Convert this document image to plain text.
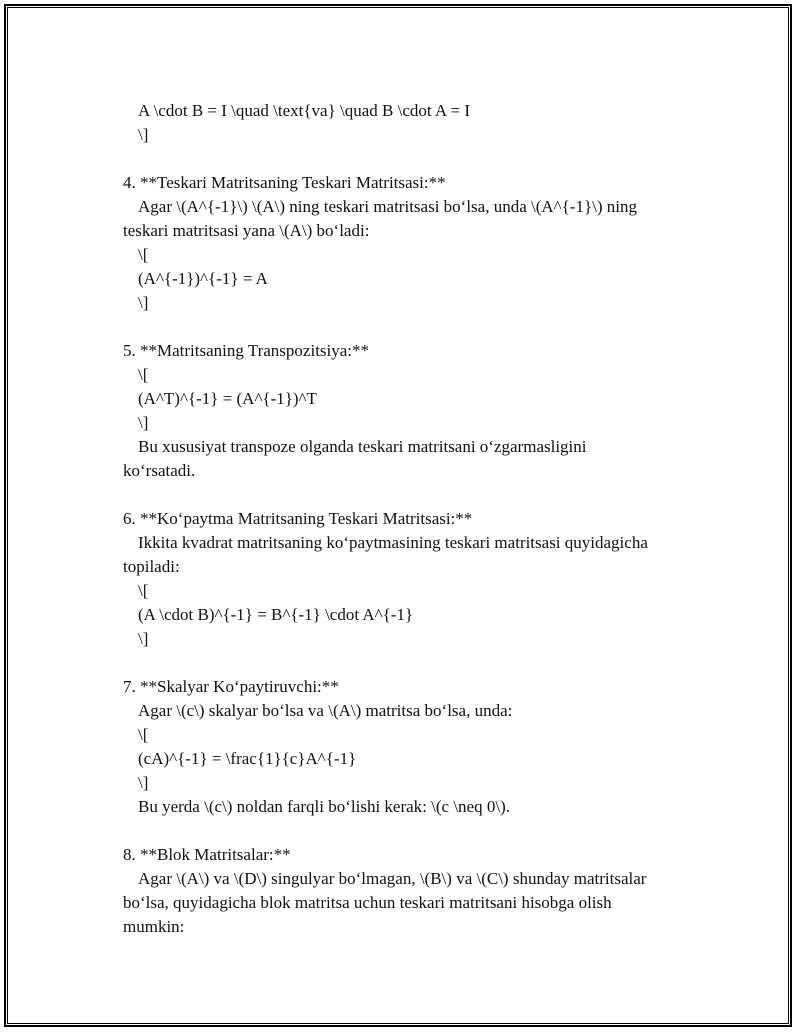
A \cdot B = I \quad \text{va} \quad B \cdot A = I
\]
4. **Teskari Matritsaning Teskari Matritsasi:**
Agar \(A^{-1}\) \(A\) ning teskari matritsasi bo‘lsa, unda \(A^{-1}\) ning
teskari matritsasi yana \(A\) bo‘ladi:
\[
(A^{-1})^{-1} = A
\]
5. **Matritsaning Transpozitsiya:**
\[
(A^T)^{-1} = (A^{-1})^T
\]
Bu xususiyat transpoze olganda teskari matritsani o‘zgarmasligini
ko‘rsatadi.
6. **Ko‘paytma Matritsaning Teskari Matritsasi:**
Ikkita kvadrat matritsaning ko‘paytmasining teskari matritsasi quyidagicha
topiladi:
\[
(A \cdot B)^{-1} = B^{-1} \cdot A^{-1}
\]
7. **Skalyar Ko‘paytiruvchi:**
Agar \(c\) skalyar bo‘lsa va \(A\) matritsa bo‘lsa, unda:
\[
(cA)^{-1} = \frac{1}{c}A^{-1}
\]
Bu yerda \(c\) noldan farqli bo‘lishi kerak: \(c \neq 0\).
8. **Blok Matritsalar:**
Agar \(A\) va \(D\) singulyar bo‘lmagan, \(B\) va \(C\) shunday matritsalar
bo‘lsa, quyidagicha blok matritsa uchun teskari matritsani hisobga olish
mumkin:
